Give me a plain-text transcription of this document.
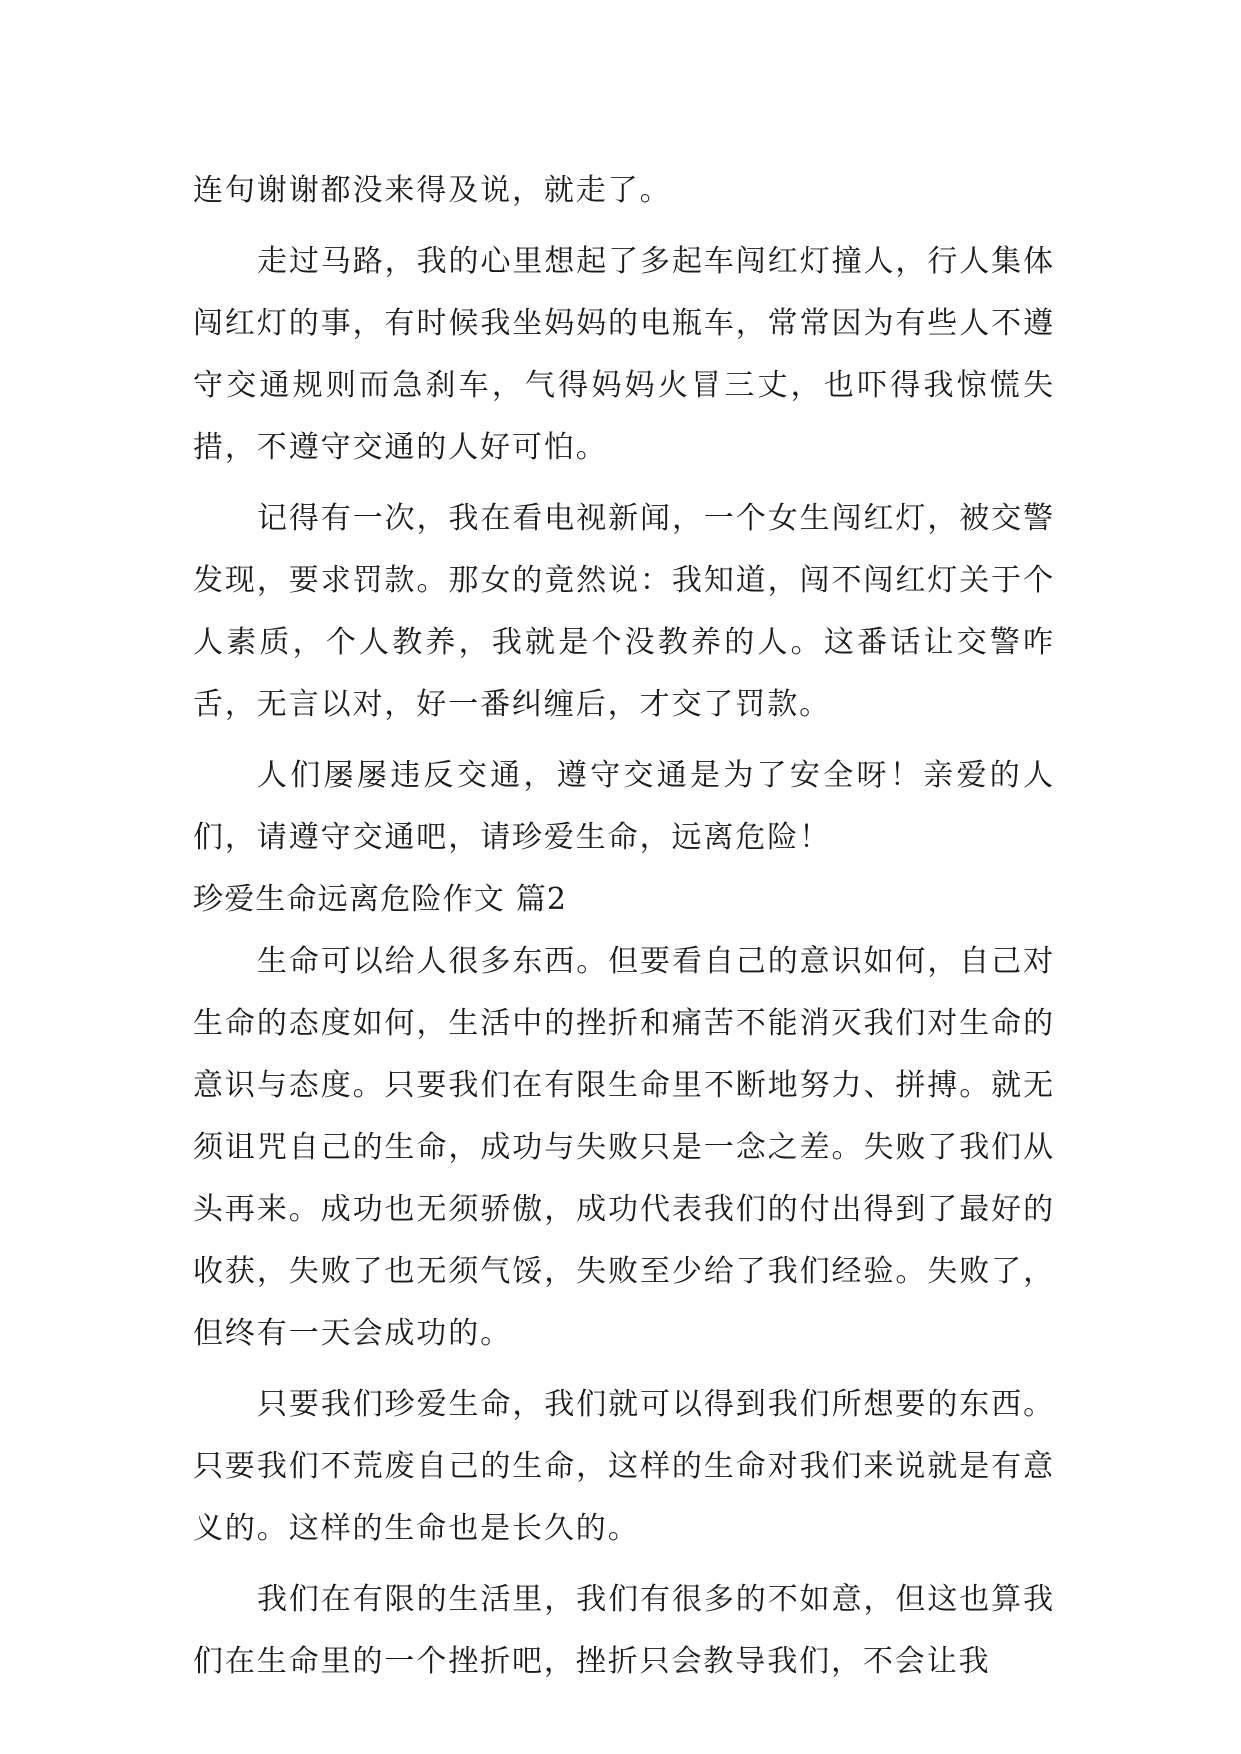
连句谢谢都没来得及说，就走了。

走过马路，我的心里想起了多起车闯红灯撞人，行人集体闯红灯的事，有时候我坐妈妈的电瓶车，常常因为有些人不遵守交通规则而急刹车，气得妈妈火冒三丈，也吓得我惊慌失措，不遵守交通的人好可怕。

记得有一次，我在看电视新闻，一个女生闯红灯，被交警发现，要求罚款。那女的竟然说：我知道，闯不闯红灯关于个人素质，个人教养，我就是个没教养的人。这番话让交警咋舌，无言以对，好一番纠缠后，才交了罚款。

人们屡屡违反交通，遵守交通是为了安全呀！亲爱的人们，请遵守交通吧，请珍爱生命，远离危险！

珍爱生命远离危险作文 篇2

生命可以给人很多东西。但要看自己的意识如何，自己对生命的态度如何，生活中的挫折和痛苦不能消灭我们对生命的意识与态度。只要我们在有限生命里不断地努力、拼搏。就无须诅咒自己的生命，成功与失败只是一念之差。失败了我们从头再来。成功也无须骄傲，成功代表我们的付出得到了最好的收获，失败了也无须气馁，失败至少给了我们经验。失败了，但终有一天会成功的。

只要我们珍爱生命，我们就可以得到我们所想要的东西。只要我们不荒废自己的生命，这样的生命对我们来说就是有意义的。这样的生命也是长久的。

我们在有限的生活里，我们有很多的不如意，但这也算我们在生命里的一个挫折吧，挫折只会教导我们，不会让我
